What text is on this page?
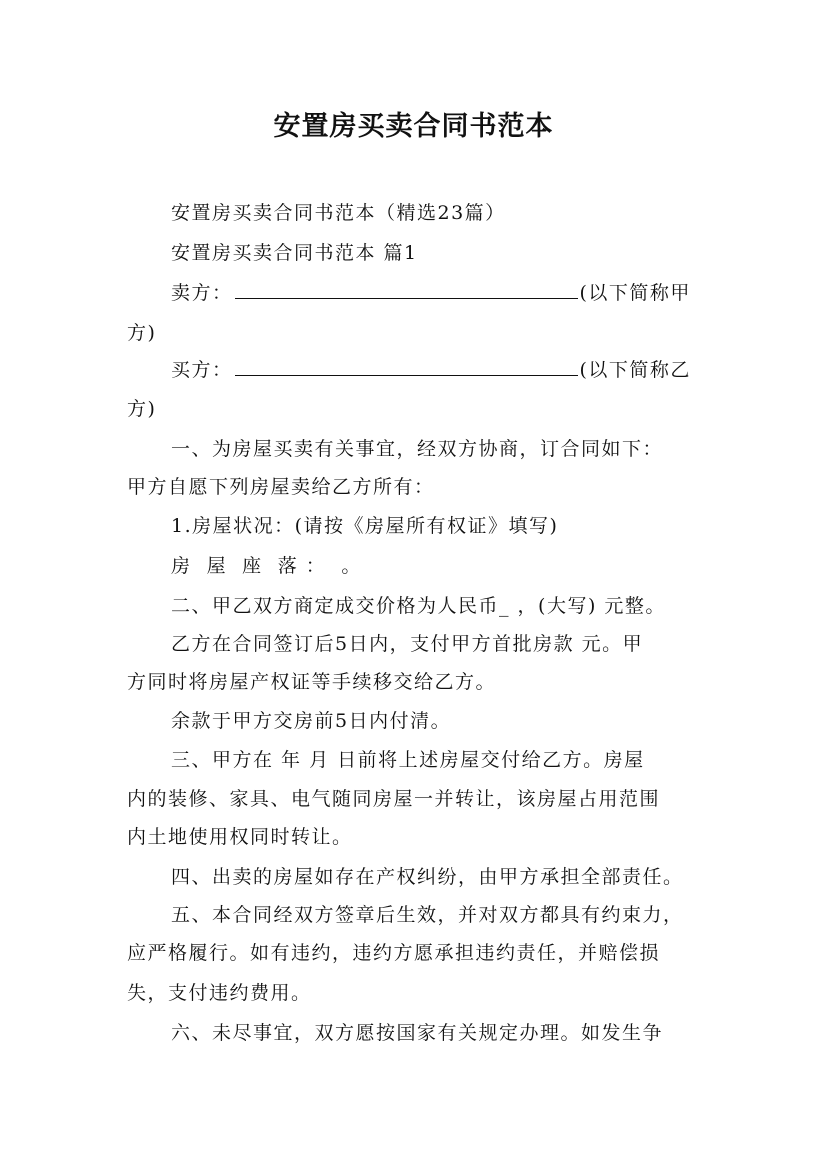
安置房买卖合同书范本
安置房买卖合同书范本（精选23篇）
安置房买卖合同书范本 篇1
卖方：	(以下简称甲
方)
买方：	(以下简称乙
方)
一、为房屋买卖有关事宜，经双方协商，订合同如下：
甲方自愿下列房屋卖给乙方所有：
1.房屋状况：(请按《房屋所有权证》填写)
房  屋  座  落 ：  。
二、甲乙双方商定成交价格为人民币_ ，(大写) 元整。
乙方在合同签订后5日内，支付甲方首批房款 元。甲
方同时将房屋产权证等手续移交给乙方。
余款于甲方交房前5日内付清。
三、甲方在 年 月 日前将上述房屋交付给乙方。房屋
内的装修、家具、电气随同房屋一并转让，该房屋占用范围
内土地使用权同时转让。
四、出卖的房屋如存在产权纠纷，由甲方承担全部责任。
五、本合同经双方签章后生效，并对双方都具有约束力，
应严格履行。如有违约，违约方愿承担违约责任，并赔偿损
失，支付违约费用。
六、未尽事宜，双方愿按国家有关规定办理。如发生争
